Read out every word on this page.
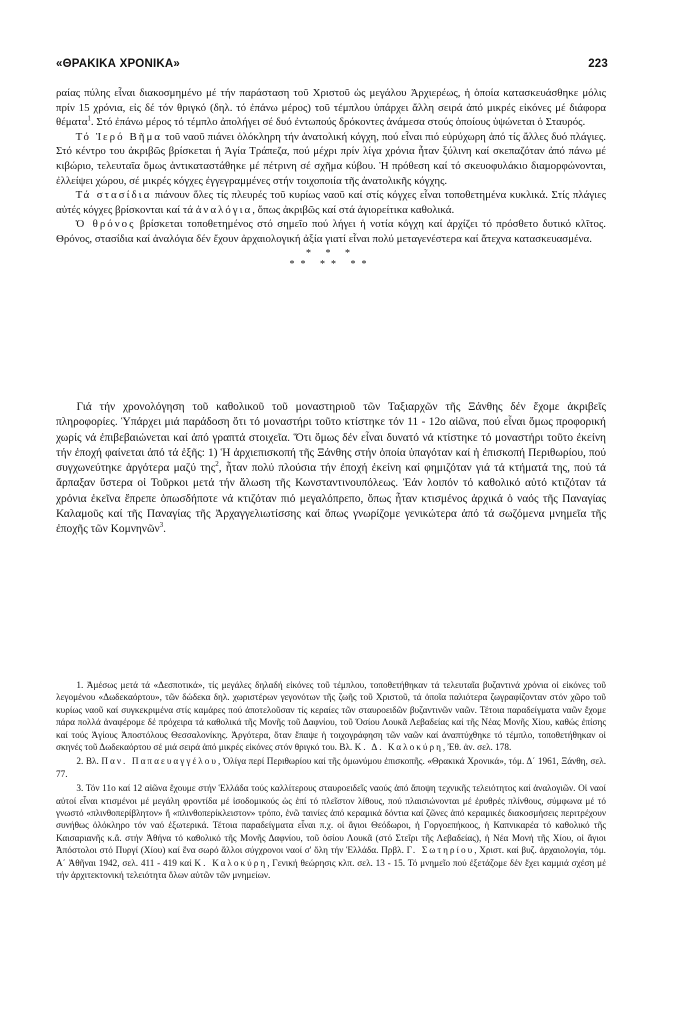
«ΘΡΑΚΙΚΑ ΧΡΟΝΙΚΑ»	223

ραίας πύλης εἶναι διακοσμημένο μέ τήν παράσταση τοῦ Χριστοῦ ὡς μεγάλου Ἀρχιερέως, ἡ ὁποία κατασκευάσθηκε μόλις πρίν 15 χρόνια, εἰς δέ τόν θριγκό (δηλ. τό ἐπάνω μέρος) τοῦ τέμπλου ὑπάρχει ἄλλη σειρά ἀπό μικρές εἰκόνες μέ διάφορα θέματα$^1$. Στό ἐπάνω μέρος τό τέμπλο ἀπολήγει σέ δυό ἐντωπούς δρόκοντες ἀνάμεσα στούς ὁποίους ὑψώνεται ὁ Σταυρός.

Τό Ἱερό Βῆμα τοῦ ναοῦ πιάνει ὁλόκληρη τήν ἀνατολική κόγχη, πού εἶναι πιό εὐρύχωρη ἀπό τίς ἄλλες δυό πλάγιες. Στό κέντρο του ἀκριβῶς βρίσκεται ἡ Ἁγία Τράπεζα, πού μέχρι πρίν λίγα χρόνια ἦταν ξύλινη καί σκεπαζόταν ἀπό πάνω μέ κιβώριο, τελευταῖα ὅμως ἀντικαταστάθηκε μέ πέτρινη σέ σχῆμα κύβου. Ἡ πρόθεση καί τό σκευοφυλάκιο διαμορφώνονται, ἐλλείψει χώρου, σέ μικρές κόγχες ἐγγεγραμμένες στήν τοιχοποιία τῆς ἀνατολικῆς κόγχης.

Τά στασίδια πιάνουν ὅλες τίς πλευρές τοῦ κυρίως ναοῦ καί στίς κόγχες εἶναι τοποθετημένα κυκλικά. Στίς πλάγιες αὐτές κόγχες βρίσκονται καί τά ἀναλόγια, ὅπως ἀκριβῶς καί στά ἁγιορείτικα καθολικά.

Ὁ θρόνος βρίσκεται τοποθετημένος στό σημεῖο πού λήγει ἡ νοτία κόγχη καί ἀρχίζει τό πρόσθετο δυτικό κλῖτος. Θρόνος, στασίδια καί ἀναλόγια δέν ἔχουν ἀρχαιολογική ἀξία γιατί εἶναι πολύ μεταγενέστερα καί ἄτεχνα κατασκευασμένα.

* * *
** ** **

Γιά τήν χρονολόγηση τοῦ καθολικοῦ τοῦ μοναστηριοῦ τῶν Ταξιαρχῶν τῆς Ξάνθης δέν ἔχομε ἀκριβεῖς πληροφορίες. Ὑπάρχει μιά παράδοση ὅτι τό μοναστήρι τοῦτο κτίστηκε τόν 11 - 12ο αἰῶνα, πού εἶναι ὅμως προφορική χωρίς νά ἐπιβεβαιώνεται καί ἀπό γραπτά στοιχεῖα. Ὅτι ὅμως δέν εἶναι δυνατό νά κτίστηκε τό μοναστήρι τοῦτο ἐκείνη τήν ἐποχή φαίνεται ἀπό τά ἑξῆς: 1) Ἡ ἀρχιεπισκοπή τῆς Ξάνθης στήν ὁποία ὑπαγόταν καί ἡ ἐπισκοπή Περιθωρίου, πού συγχωνεύτηκε ἀργότερα μαζύ της$^2$, ἦταν πολύ πλούσια τήν ἐποχή ἐκείνη καί φημιζόταν γιά τά κτήματά της, πού τά ἅρπαξαν ὕστερα οἱ Τοῦρκοι μετά τήν ἅλωση τῆς Κωνσταντινουπόλεως. Ἐάν λοιπόν τό καθολικό αὐτό κτιζόταν τά χρόνια ἐκεῖνα ἔπρεπε ὁπωσδήποτε νά κτιζόταν πιό μεγαλόπρεπο, ὅπως ἦταν κτισμένος ἀρχικά ὁ ναός τῆς Παναγίας Καλαμοῦς καί τῆς Παναγίας τῆς Ἀρχαγγελιωτίσσης καί ὅπως γνωρίζομε γενικώτερα ἀπό τά σωζόμενα μνημεῖα τῆς ἐποχῆς τῶν Κομνηνῶν$^3$.

1. Ἀμέσως μετά τά «Δεσποτικά», τίς μεγάλες δηλαδή εἰκόνες τοῦ τέμπλου, τοποθετήθηκαν τά τελευταῖα βυζαντινά χρόνια οἱ εἰκόνες τοῦ λεγομένου «Δωδεκαόρτου», τῶν δώδεκα δηλ. χωριστέρων γεγονότων τῆς ζωῆς τοῦ Χριστοῦ, τά ὁποῖα παλιότερα ζωγραφίζονταν στόν χῶρο τοῦ κυρίως ναοῦ καί συγκεκριμένα στίς καμάρες πού ἀποτελοῦσαν τίς κεραίες τῶν σταυροειδῶν βυζαντινῶν ναῶν. Τέτοια παραδείγματα ναῶν ἔχομε πάρα πολλά ἀναφέρομε δέ πρόχειρα τά καθολικά τῆς Μονῆς τοῦ Δαφνίου, τοῦ Ὁσίου Λουκᾶ Λεβαδείας καί τῆς Νέας Μονῆς Χίου, καθώς ἐπίσης καί τούς Ἁγίους Ἀποστόλους Θεσσαλονίκης. Ἀργότερα, ὅταν ἔπαψε ἡ τοιχογράφηση τῶν ναῶν καί ἀναπτύχθηκε τό τέμπλο, τοποθετήθηκαν οἱ σκηνές τοῦ Δωδεκαόρτου σέ μιά σειρά ἀπό μικρές εἰκόνες στόν θριγκό του. Βλ. Κ. Δ. Καλοκύρη, Ἐθ. ἀν. σελ. 178.

2. Βλ. Παν. Παπαευαγγέλου, Ὀλίγα περί Περιθωρίου καί τῆς ὁμωνύμου ἐπισκοπῆς. «Θρακικά Χρονικά», τόμ. Δ΄ 1961, Ξάνθη, σελ. 77.

3. Τόν 11ο καί 12 αἰῶνα ἔχουμε στήν Ἑλλάδα τούς καλλίτερους σταυροειδεῖς ναούς ἀπό ἄποψη τεχνικῆς τελειότητος καί ἀναλογιῶν. Οἱ ναοί αὐτοί εἶναι κτισμένοι μέ μεγάλη φροντίδα μέ ἰσοδομικούς ὡς ἐπί τό πλεῖστον λίθους, πού πλαισιώνονται μέ ἐρυθρές πλίνθους, σύμφωνα μέ τό γνωστό «πλινθοπερίβλητον» ἤ «πλινθοπερίκλειστον» τρόπο, ἐνῶ ταινίες ἀπό κεραμικά δόντια καί ζῶνες ἀπό κεραμικές διακοσμήσεις περιτρέχουν συνήθως ὁλόκληρο τόν ναό ἐξωτερικά. Τέτοια παραδείγματα εἶναι π.χ. οἱ ἅγιοι Θεόδωροι, ἡ Γοργοεπήκοος, ἡ Καπνικαρέα τό καθολικό τῆς Καισαριανῆς κ.ἄ. στήν Ἀθήνα τό καθολικό τῆς Μονῆς Δαφνίου, τοῦ ὁσίου Λουκᾶ (στό Στεῖρι τῆς Λεβαδείας), ἡ Νέα Μονή τῆς Χίου, οἱ ἅγιοι Ἀπόστολοι στό Πυργί (Χίου) καί ἕνα σωρό ἄλλοι σύγχρονοι ναοί σ' ὅλη τήν Ἑλλάδα. Πρβλ. Γ. Σωτηρίου, Χριστ. καί βυζ. ἀρχαιολογία, τόμ. Α΄ Ἀθῆναι 1942, σελ. 411 - 419 καί Κ. Καλοκύρη, Γενική θεώρησις κλπ. σελ. 13 - 15. Τό μνημεῖο πού ἐξετάζομε δέν ἔχει καμμιά σχέση μέ τήν ἀρχιτεκτονική τελειότητα ὅλων αὐτῶν τῶν μνημείων.
